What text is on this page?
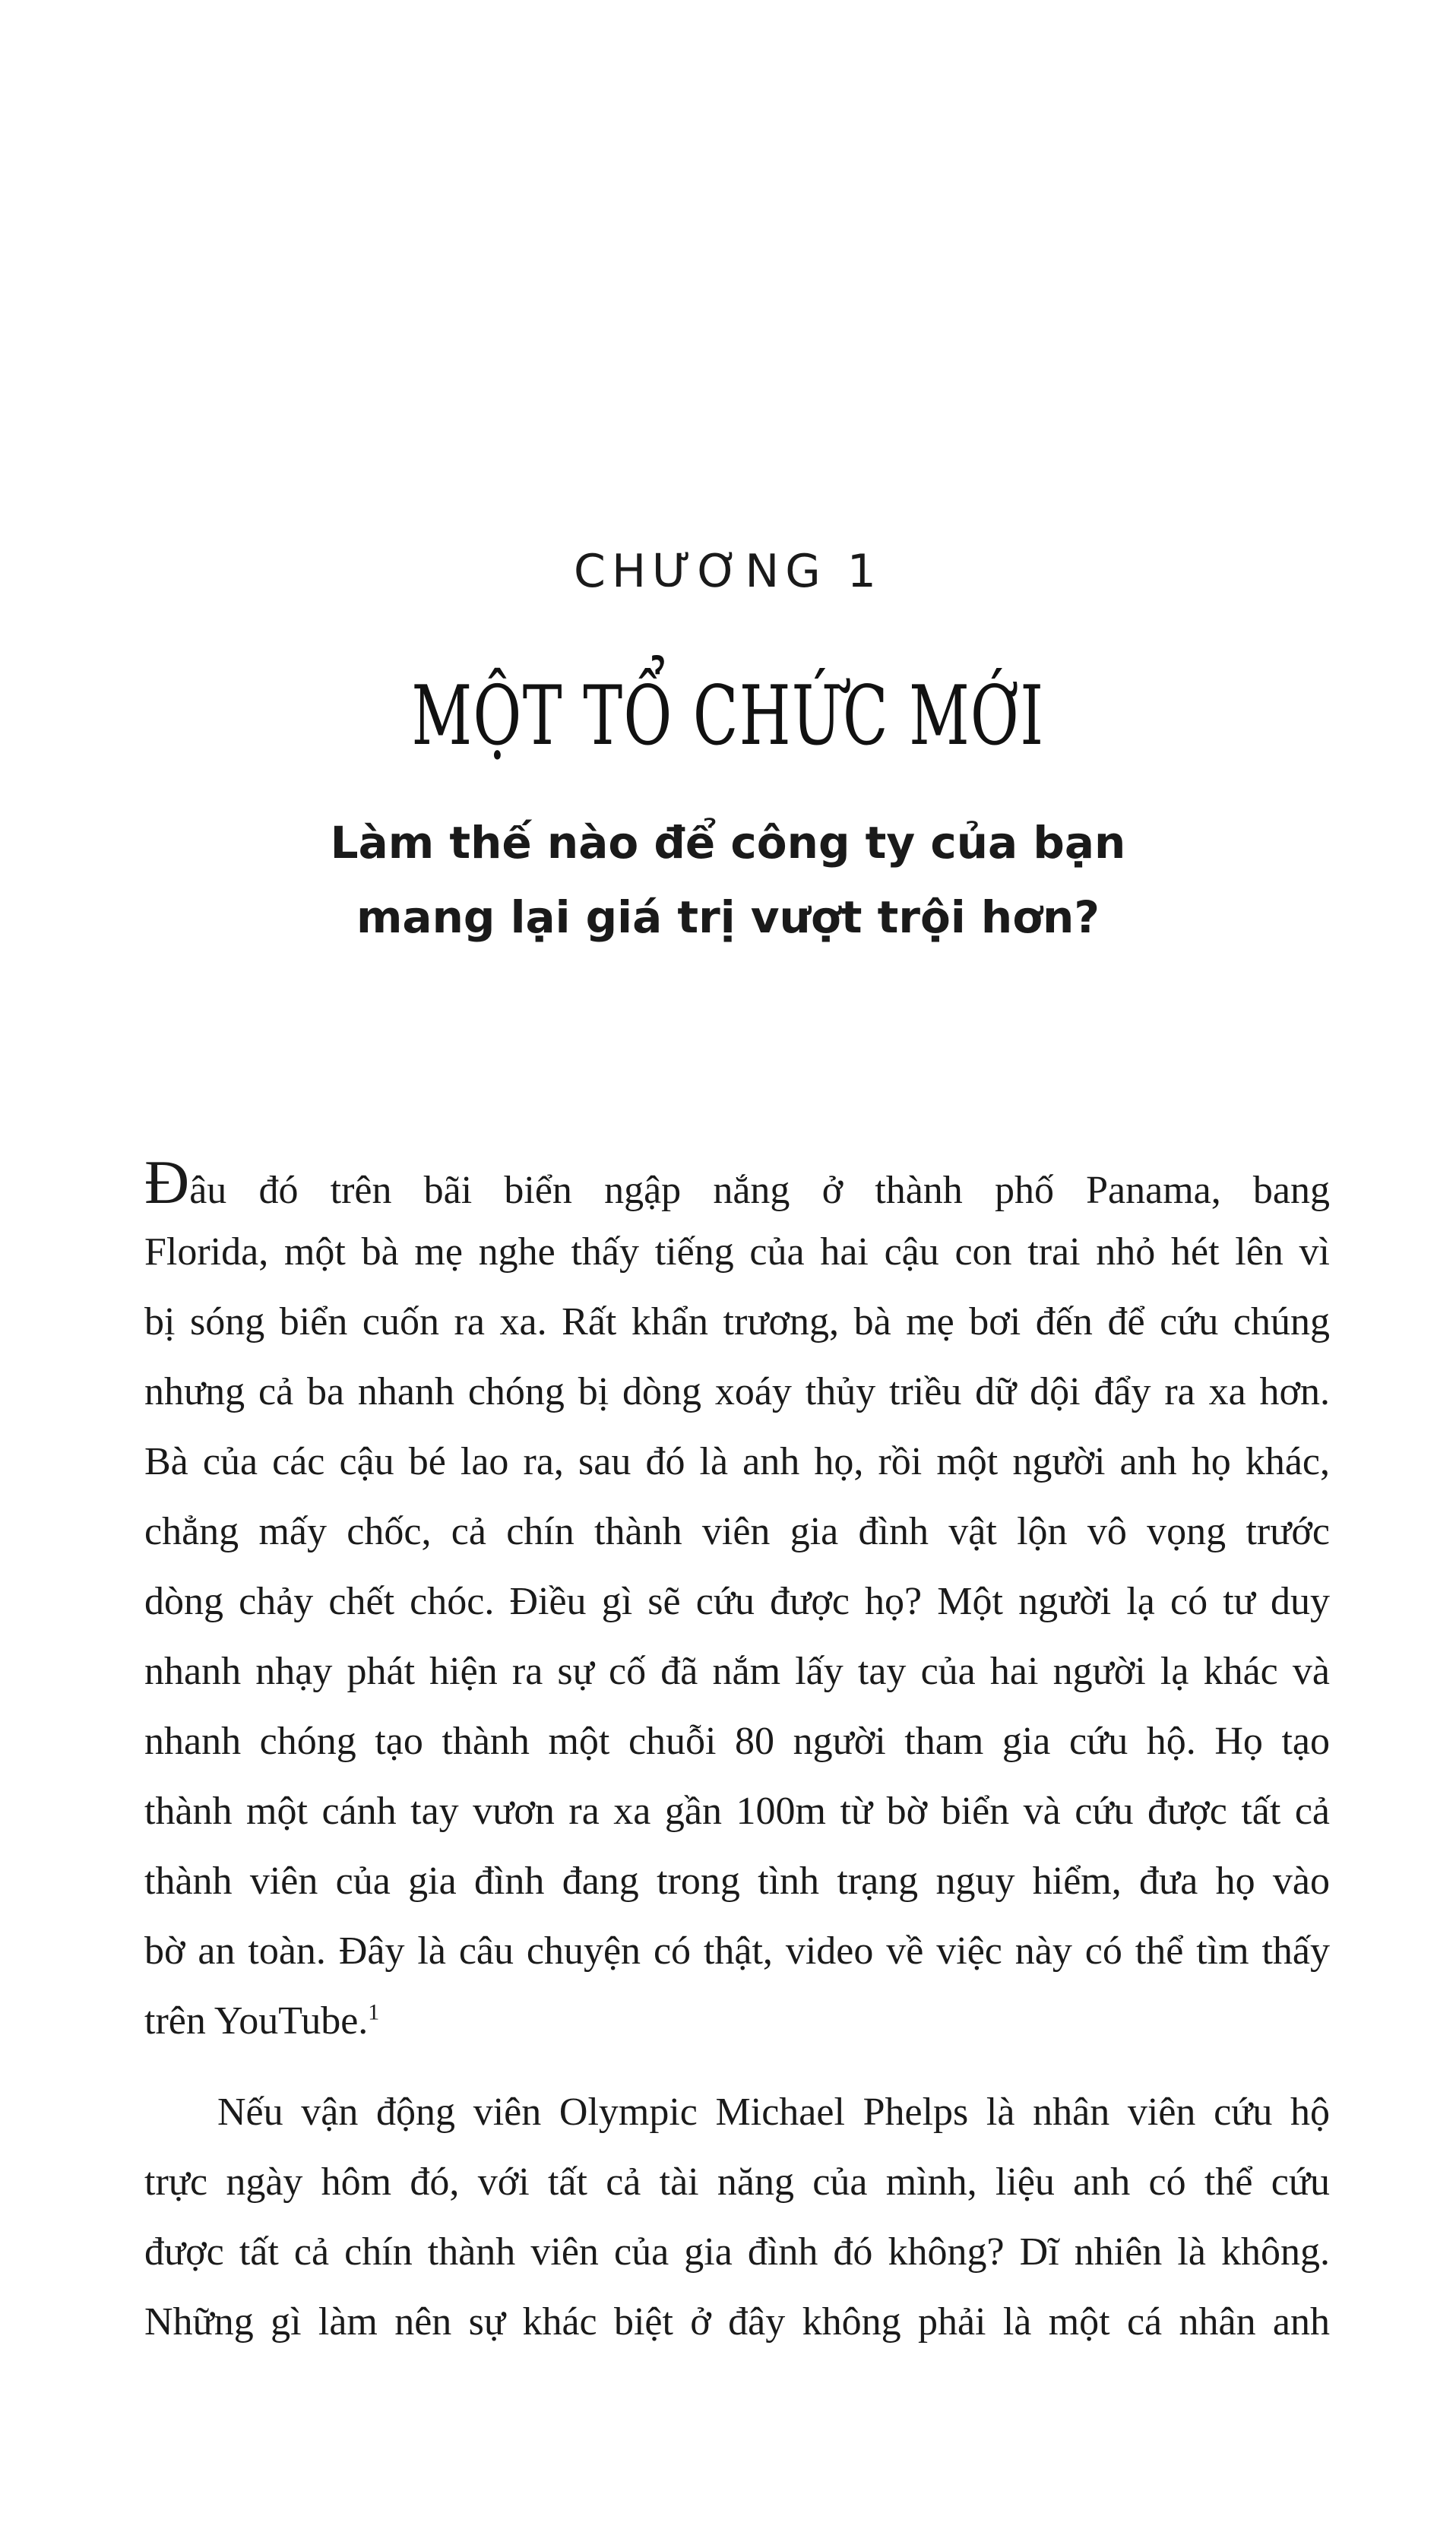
CHƯƠNG 1
MỘT TỔ CHỨC MỚI
Làm thế nào để công ty của bạn
mang lại giá trị vượt trội hơn?
Đâu đó trên bãi biển ngập nắng ở thành phố Panama, bang
Florida, một bà mẹ nghe thấy tiếng của hai cậu con trai nhỏ hét lên vì
bị sóng biển cuốn ra xa. Rất khẩn trương, bà mẹ bơi đến để cứu chúng
nhưng cả ba nhanh chóng bị dòng xoáy thủy triều dữ dội đẩy ra xa hơn.
Bà của các cậu bé lao ra, sau đó là anh họ, rồi một người anh họ khác,
chẳng mấy chốc, cả chín thành viên gia đình vật lộn vô vọng trước
dòng chảy chết chóc. Điều gì sẽ cứu được họ? Một người lạ có tư duy
nhanh nhạy phát hiện ra sự cố đã nắm lấy tay của hai người lạ khác và
nhanh chóng tạo thành một chuỗi 80 người tham gia cứu hộ. Họ tạo
thành một cánh tay vươn ra xa gần 100m từ bờ biển và cứu được tất cả
thành viên của gia đình đang trong tình trạng nguy hiểm, đưa họ vào
bờ an toàn. Đây là câu chuyện có thật, video về việc này có thể tìm thấy
trên YouTube.$^1$
Nếu vận động viên Olympic Michael Phelps là nhân viên cứu hộ
trực ngày hôm đó, với tất cả tài năng của mình, liệu anh có thể cứu
được tất cả chín thành viên của gia đình đó không? Dĩ nhiên là không.
Những gì làm nên sự khác biệt ở đây không phải là một cá nhân anh
